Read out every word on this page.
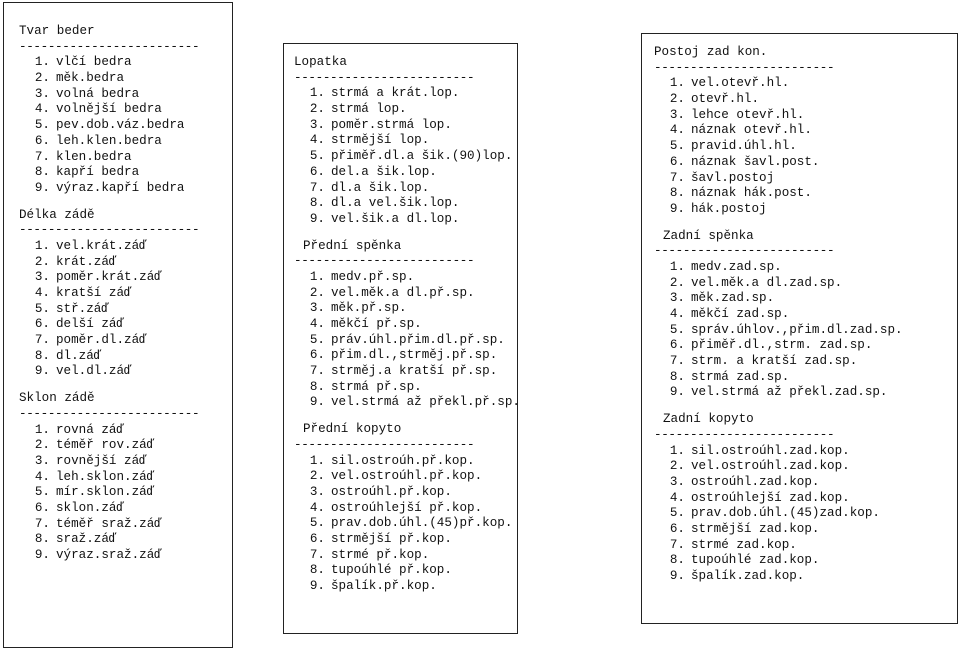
Tvar beder
-------------------------
1. vlčí bedra
2. měk.bedra
3. volná bedra
4. volnější bedra
5. pev.dob.váz.bedra
6. leh.klen.bedra
7. klen.bedra
8. kapří bedra
9. výraz.kapří bedra
Délka zádě
-------------------------
1. vel.krát.záď
2. krát.záď
3. poměr.krát.záď
4. kratší záď
5. stř.záď
6. delší záď
7. poměr.dl.záď
8. dl.záď
9. vel.dl.záď
Sklon zádě
-------------------------
1. rovná záď
2. téměř rov.záď
3. rovnější záď
4. leh.sklon.záď
5. mír.sklon.záď
6. sklon.záď
7. téměř sraž.záď
8. sraž.záď
9. výraz.sraž.záď
Lopatka
-------------------------
1. strmá a krát.lop.
2. strmá lop.
3. poměr.strmá lop.
4. strmější lop.
5. přiměř.dl.a šik.(90)lop.
6. del.a šik.lop.
7. dl.a šik.lop.
8. dl.a vel.šik.lop.
9. vel.šik.a dl.lop.
Přední spěnka
-------------------------
1. medv.př.sp.
2. vel.měk.a dl.př.sp.
3. měk.př.sp.
4. měkčí př.sp.
5. práv.úhl.přim.dl.př.sp.
6. přim.dl.,strměj.př.sp.
7. strměj.a kratší př.sp.
8. strmá př.sp.
9. vel.strmá až překl.př.sp.
Přední kopyto
-------------------------
1. sil.ostroúh.př.kop.
2. vel.ostroúhl.př.kop.
3. ostroúhl.př.kop.
4. ostroúhlejší př.kop.
5. prav.dob.úhl.(45)př.kop.
6. strmější př.kop.
7. strmé př.kop.
8. tupoúhlé př.kop.
9. špalík.př.kop.
Postoj zad kon.
-------------------------
1. vel.otevř.hl.
2. otevř.hl.
3. lehce otevř.hl.
4. náznak otevř.hl.
5. pravid.úhl.hl.
6. náznak šavl.post.
7. šavl.postoj
8. náznak hák.post.
9. hák.postoj
Zadní spěnka
-------------------------
1. medv.zad.sp.
2. vel.měk.a dl.zad.sp.
3. měk.zad.sp.
4. měkčí zad.sp.
5. správ.úhlov.,přim.dl.zad.sp.
6. přiměř.dl.,strm. zad.sp.
7. strm. a kratší zad.sp.
8. strmá zad.sp.
9. vel.strmá až překl.zad.sp.
Zadní kopyto
-------------------------
1. sil.ostroúhl.zad.kop.
2. vel.ostroúhl.zad.kop.
3. ostroúhl.zad.kop.
4. ostroúhlejší zad.kop.
5. prav.dob.úhl.(45)zad.kop.
6. strmější zad.kop.
7. strmé zad.kop.
8. tupoúhlé zad.kop.
9. špalík.zad.kop.
